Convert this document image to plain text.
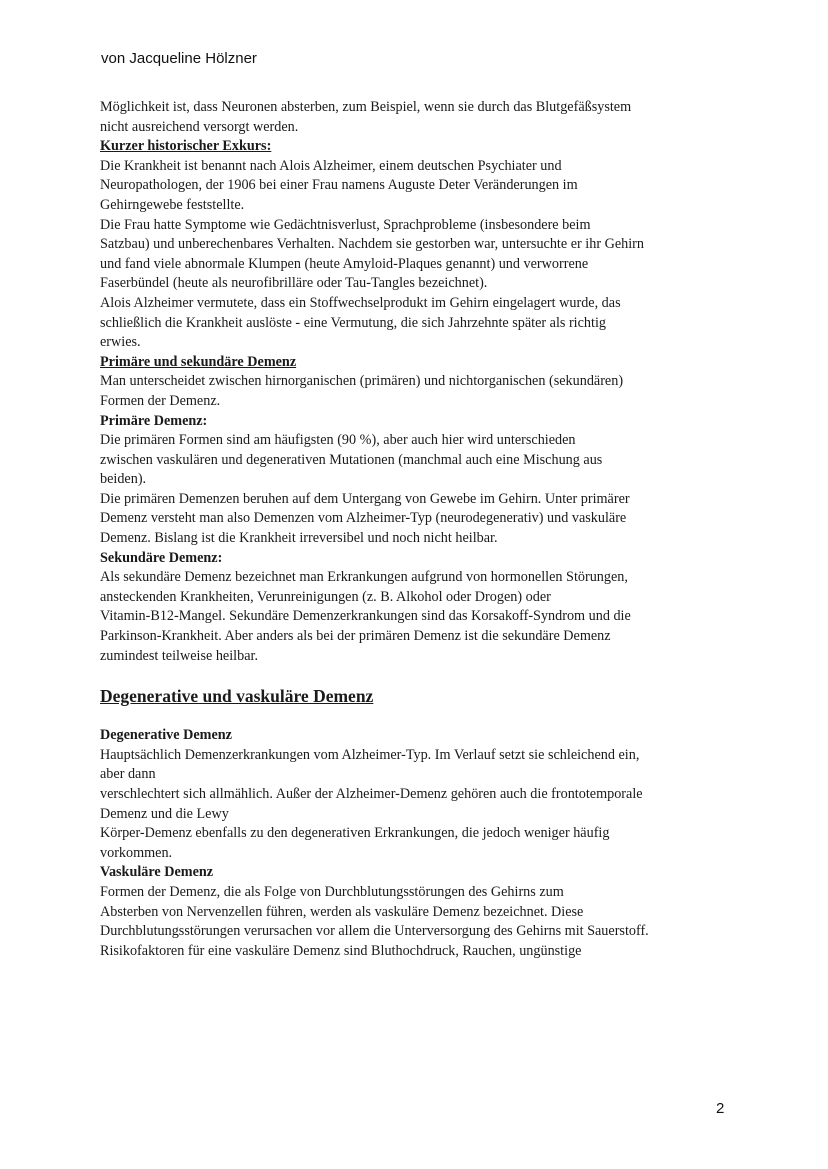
von Jacqueline Hölzner

Möglichkeit ist, dass Neuronen absterben, zum Beispiel, wenn sie durch das Blutgefäßsystem
nicht ausreichend versorgt werden.

Kurzer historischer Exkurs:

Die Krankheit ist benannt nach Alois Alzheimer, einem deutschen Psychiater und
Neuropathologen, der 1906 bei einer Frau namens Auguste Deter Veränderungen im
Gehirngewebe feststellte.
Die Frau hatte Symptome wie Gedächtnisverlust, Sprachprobleme (insbesondere beim
Satzbau) und unberechenbares Verhalten. Nachdem sie gestorben war, untersuchte er ihr Gehirn
und fand viele abnormale Klumpen (heute Amyloid-Plaques genannt) und verworrene
Faserbündel (heute als neurofibrilläre oder Tau-Tangles bezeichnet).
Alois Alzheimer vermutete, dass ein Stoffwechselprodukt im Gehirn eingelagert wurde, das
schließlich die Krankheit auslöste - eine Vermutung, die sich Jahrzehnte später als richtig
erwies.

Primäre und sekundäre Demenz

Man unterscheidet zwischen hirnorganischen (primären) und nichtorganischen (sekundären)
Formen der Demenz.

Primäre Demenz:

Die primären Formen sind am häufigsten (90 %), aber auch hier wird unterschieden
zwischen vaskulären und degenerativen Mutationen (manchmal auch eine Mischung aus
beiden).
Die primären Demenzen beruhen auf dem Untergang von Gewebe im Gehirn. Unter primärer
Demenz versteht man also Demenzen vom Alzheimer-Typ (neurodegenerativ) und vaskuläre
Demenz. Bislang ist die Krankheit irreversibel und noch nicht heilbar.

Sekundäre Demenz:

Als sekundäre Demenz bezeichnet man Erkrankungen aufgrund von hormonellen Störungen,
ansteckenden Krankheiten, Verunreinigungen (z. B. Alkohol oder Drogen) oder
Vitamin-B12-Mangel. Sekundäre Demenzerkrankungen sind das Korsakoff-Syndrom und die
Parkinson-Krankheit. Aber anders als bei der primären Demenz ist die sekundäre Demenz
zumindest teilweise heilbar.

Degenerative und vaskuläre Demenz

Degenerative Demenz

Hauptsächlich Demenzerkrankungen vom Alzheimer-Typ. Im Verlauf setzt sie schleichend ein,
aber dann
verschlechtert sich allmählich. Außer der Alzheimer-Demenz gehören auch die frontotemporale
Demenz und die Lewy
Körper-Demenz ebenfalls zu den degenerativen Erkrankungen, die jedoch weniger häufig
vorkommen.

Vaskuläre Demenz

Formen der Demenz, die als Folge von Durchblutungsstörungen des Gehirns zum
Absterben von Nervenzellen führen, werden als vaskuläre Demenz bezeichnet. Diese
Durchblutungsstörungen verursachen vor allem die Unterversorgung des Gehirns mit Sauerstoff.
Risikofaktoren für eine vaskuläre Demenz sind Bluthochdruck, Rauchen, ungünstige

2
